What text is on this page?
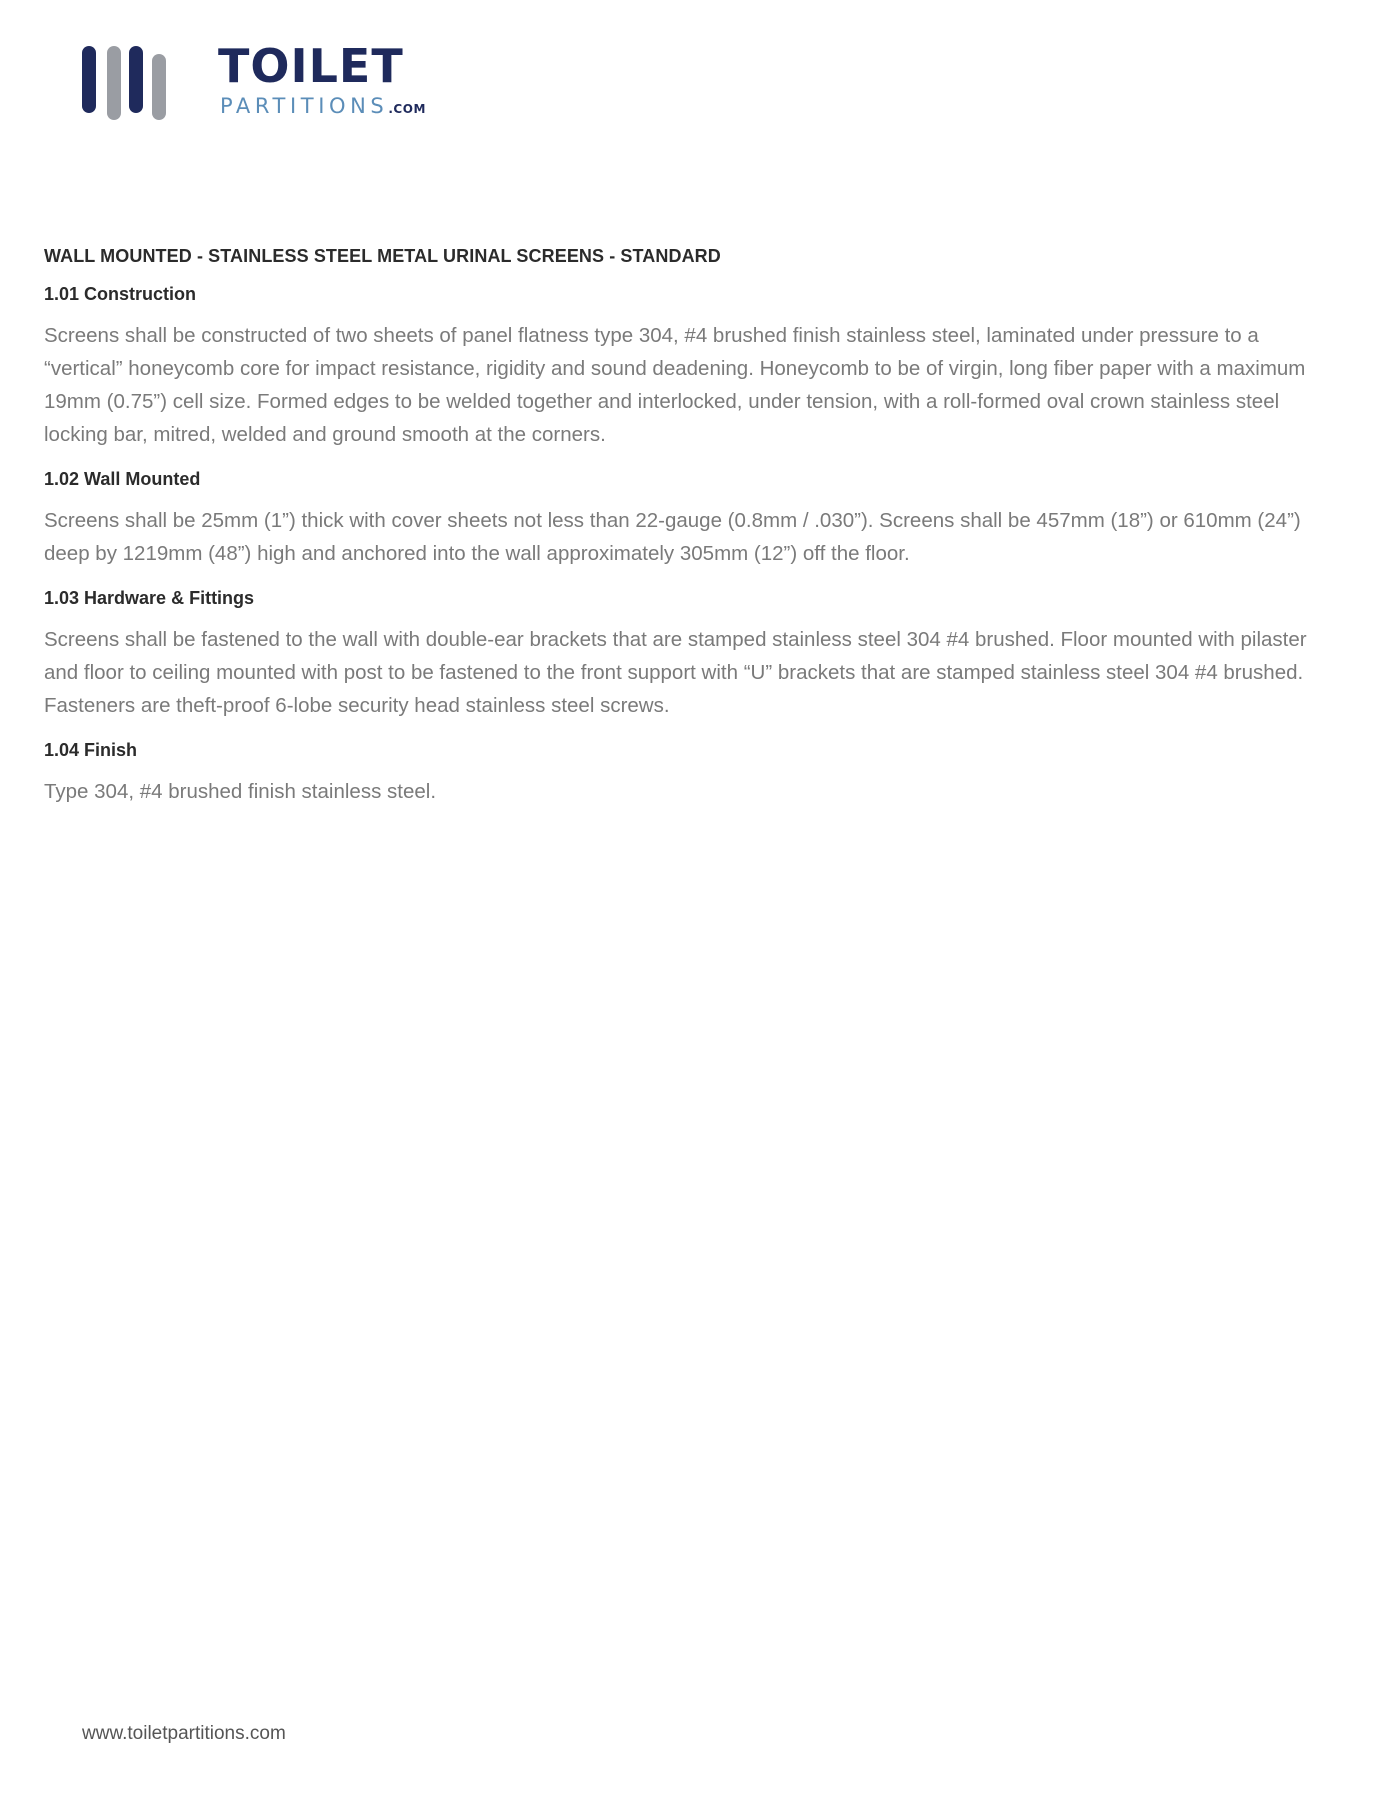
TOILET
PARTITIONS.COM
WALL MOUNTED - STAINLESS STEEL METAL URINAL SCREENS - STANDARD
1.01 Construction

Screens shall be constructed of two sheets of panel flatness type 304, #4 brushed finish stainless steel, laminated under pressure to a “vertical” honeycomb core for impact resistance, rigidity and sound deadening. Honeycomb to be of virgin, long fiber paper with a maximum 19mm (0.75”) cell size. Formed edges to be welded together and interlocked, under tension, with a roll-formed oval crown stainless steel locking bar, mitred, welded and ground smooth at the corners.

1.02 Wall Mounted

Screens shall be 25mm (1”) thick with cover sheets not less than 22-gauge (0.8mm / .030”). Screens shall be 457mm (18”) or 610mm (24”) deep by 1219mm (48”) high and anchored into the wall approximately 305mm (12”) off the floor.

1.03 Hardware & Fittings

Screens shall be fastened to the wall with double-ear brackets that are stamped stainless steel 304 #4 brushed. Floor mounted with pilaster and floor to ceiling mounted with post to be fastened to the front support with “U” brackets that are stamped stainless steel 304 #4 brushed. Fasteners are theft-proof 6-lobe security head stainless steel screws.

1.04 Finish

Type 304, #4 brushed finish stainless steel.

www.toiletpartitions.com
